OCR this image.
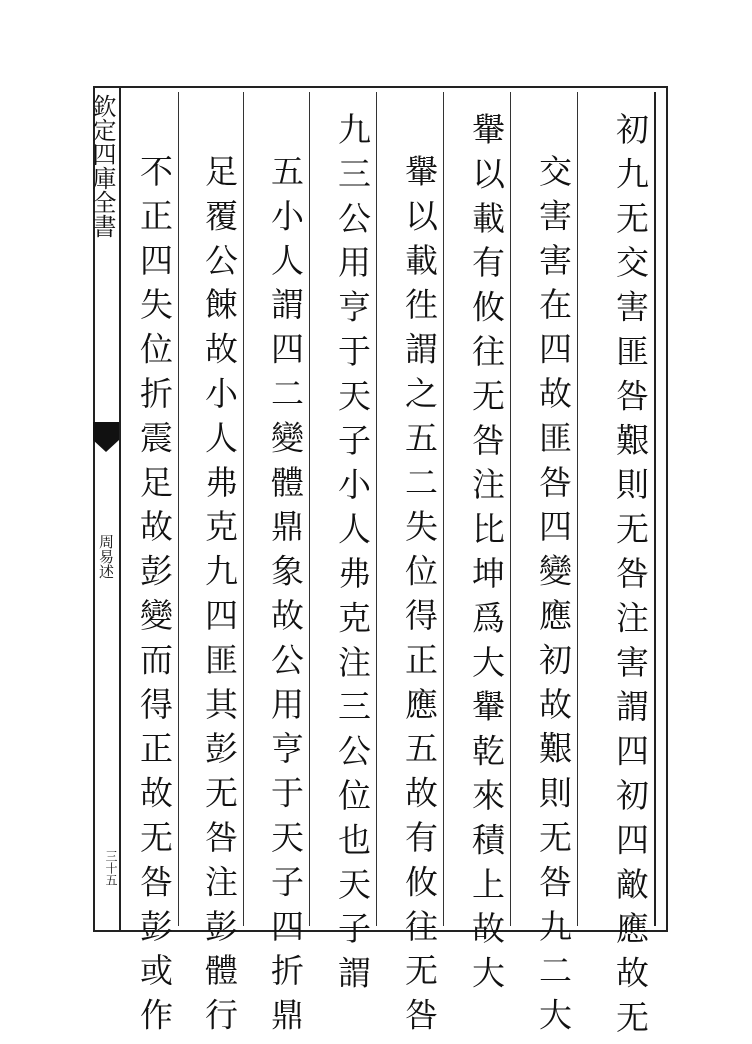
欽定四庫全書
周易述
三十五	初九无交害匪咎艱則无咎注害謂四初四敵應故无
交害害在四故匪咎四變應初故艱則无咎九二大
轝以載有攸往无咎注比坤爲大轝乾來積上故大
轝以載徃謂之五二失位得正應五故有攸往无咎
九三公用亨于天子小人弗克注三公位也天子謂
五小人謂四二變體鼎象故公用亨于天子四折鼎
足覆公餗故小人弗克九四匪其彭无咎注彭體行
不正四失位折震足故彭變而得正故无咎彭或作
